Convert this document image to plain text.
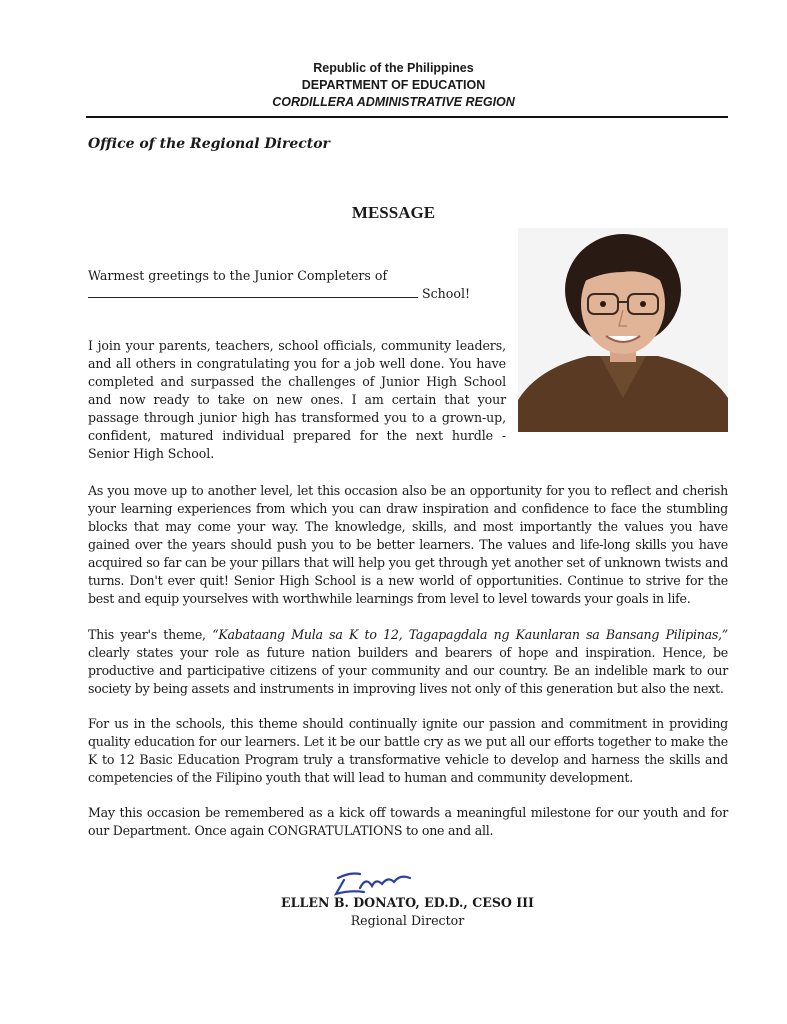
Republic of the Philippines
DEPARTMENT OF EDUCATION
CORDILLERA ADMINISTRATIVE REGION
Office of the Regional Director
MESSAGE
Warmest greetings to the Junior Completers of
School!

I join your parents, teachers, school officials, community leaders, and all others in congratulating you for a job well done. You have completed and surpassed the challenges of Junior High School and now ready to take on new ones. I am certain that your passage through junior high has transformed you to a grown-up, confident, matured individual prepared for the next hurdle - Senior High School.

As you move up to another level, let this occasion also be an opportunity for you to reflect and cherish your learning experiences from which you can draw inspiration and confidence to face the stumbling blocks that may come your way. The knowledge, skills, and most importantly the values you have gained over the years should push you to be better learners. The values and life-long skills you have acquired so far can be your pillars that will help you get through yet another set of unknown twists and turns. Don't ever quit! Senior High School is a new world of opportunities. Continue to strive for the best and equip yourselves with worthwhile learnings from level to level towards your goals in life.

This year's theme, “Kabataang Mula sa K to 12, Tagapagdala ng Kaunlaran sa Bansang Pilipinas,” clearly states your role as future nation builders and bearers of hope and inspiration. Hence, be productive and participative citizens of your community and our country. Be an indelible mark to our society by being assets and instruments in improving lives not only of this generation but also the next.

For us in the schools, this theme should continually ignite our passion and commitment in providing quality education for our learners. Let it be our battle cry as we put all our efforts together to make the K to 12 Basic Education Program truly a transformative vehicle to develop and harness the skills and competencies of the Filipino youth that will lead to human and community development.

May this occasion be remembered as a kick off towards a meaningful milestone for our youth and for our Department. Once again CONGRATULATIONS to one and all.

ELLEN B. DONATO, ED.D., CESO III
Regional Director
